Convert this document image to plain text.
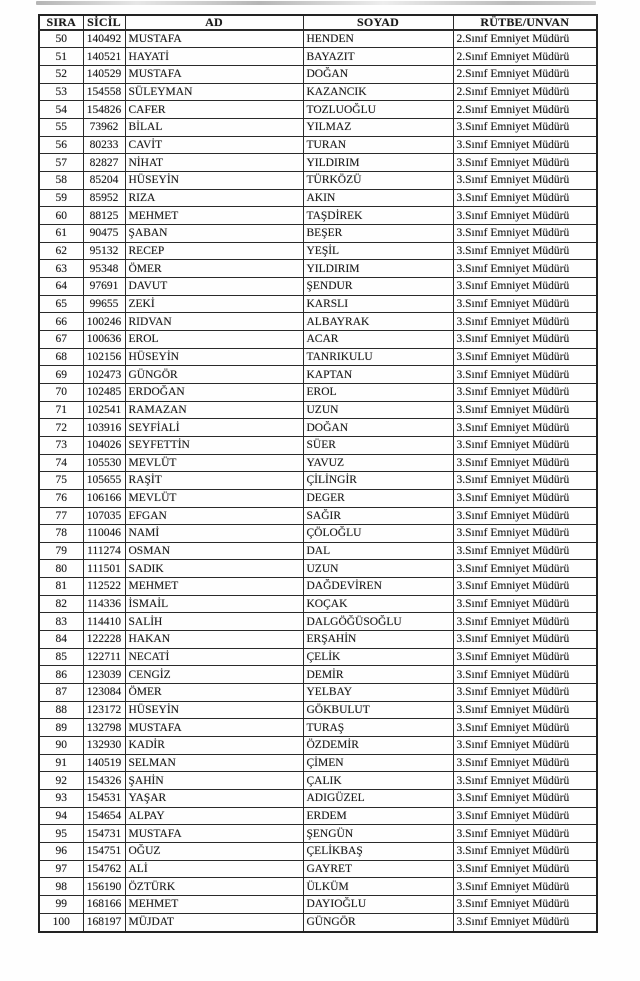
SIRA	SİCİL	AD	SOYAD	RÜTBE/UNVAN
50	140492	MUSTAFA	HENDEN	2.Sınıf Emniyet Müdürü
51	140521	HAYATİ	BAYAZIT	2.Sınıf Emniyet Müdürü
52	140529	MUSTAFA	DOĞAN	2.Sınıf Emniyet Müdürü
53	154558	SÜLEYMAN	KAZANCIK	2.Sınıf Emniyet Müdürü
54	154826	CAFER	TOZLUOĞLU	2.Sınıf Emniyet Müdürü
55	73962	BİLAL	YILMAZ	3.Sınıf Emniyet Müdürü
56	80233	CAVİT	TURAN	3.Sınıf Emniyet Müdürü
57	82827	NİHAT	YILDIRIM	3.Sınıf Emniyet Müdürü
58	85204	HÜSEYİN	TÜRKÖZÜ	3.Sınıf Emniyet Müdürü
59	85952	RIZA	AKIN	3.Sınıf Emniyet Müdürü
60	88125	MEHMET	TAŞDİREK	3.Sınıf Emniyet Müdürü
61	90475	ŞABAN	BEŞER	3.Sınıf Emniyet Müdürü
62	95132	RECEP	YEŞİL	3.Sınıf Emniyet Müdürü
63	95348	ÖMER	YILDIRIM	3.Sınıf Emniyet Müdürü
64	97691	DAVUT	ŞENDUR	3.Sınıf Emniyet Müdürü
65	99655	ZEKİ	KARSLI	3.Sınıf Emniyet Müdürü
66	100246	RIDVAN	ALBAYRAK	3.Sınıf Emniyet Müdürü
67	100636	EROL	ACAR	3.Sınıf Emniyet Müdürü
68	102156	HÜSEYİN	TANRIKULU	3.Sınıf Emniyet Müdürü
69	102473	GÜNGÖR	KAPTAN	3.Sınıf Emniyet Müdürü
70	102485	ERDOĞAN	EROL	3.Sınıf Emniyet Müdürü
71	102541	RAMAZAN	UZUN	3.Sınıf Emniyet Müdürü
72	103916	SEYFİALİ	DOĞAN	3.Sınıf Emniyet Müdürü
73	104026	SEYFETTİN	SÜER	3.Sınıf Emniyet Müdürü
74	105530	MEVLÜT	YAVUZ	3.Sınıf Emniyet Müdürü
75	105655	RAŞİT	ÇİLİNGİR	3.Sınıf Emniyet Müdürü
76	106166	MEVLÜT	DEGER	3.Sınıf Emniyet Müdürü
77	107035	EFGAN	SAĞIR	3.Sınıf Emniyet Müdürü
78	110046	NAMİ	ÇÖLOĞLU	3.Sınıf Emniyet Müdürü
79	111274	OSMAN	DAL	3.Sınıf Emniyet Müdürü
80	111501	SADIK	UZUN	3.Sınıf Emniyet Müdürü
81	112522	MEHMET	DAĞDEVİREN	3.Sınıf Emniyet Müdürü
82	114336	İSMAİL	KOÇAK	3.Sınıf Emniyet Müdürü
83	114410	SALİH	DALGÖĞÜSOĞLU	3.Sınıf Emniyet Müdürü
84	122228	HAKAN	ERŞAHİN	3.Sınıf Emniyet Müdürü
85	122711	NECATİ	ÇELİK	3.Sınıf Emniyet Müdürü
86	123039	CENGİZ	DEMİR	3.Sınıf Emniyet Müdürü
87	123084	ÖMER	YELBAY	3.Sınıf Emniyet Müdürü
88	123172	HÜSEYİN	GÖKBULUT	3.Sınıf Emniyet Müdürü
89	132798	MUSTAFA	TURAŞ	3.Sınıf Emniyet Müdürü
90	132930	KADİR	ÖZDEMİR	3.Sınıf Emniyet Müdürü
91	140519	SELMAN	ÇİMEN	3.Sınıf Emniyet Müdürü
92	154326	ŞAHİN	ÇALIK	3.Sınıf Emniyet Müdürü
93	154531	YAŞAR	ADIGÜZEL	3.Sınıf Emniyet Müdürü
94	154654	ALPAY	ERDEM	3.Sınıf Emniyet Müdürü
95	154731	MUSTAFA	ŞENGÜN	3.Sınıf Emniyet Müdürü
96	154751	OĞUZ	ÇELİKBAŞ	3.Sınıf Emniyet Müdürü
97	154762	ALİ	GAYRET	3.Sınıf Emniyet Müdürü
98	156190	ÖZTÜRK	ÜLKÜM	3.Sınıf Emniyet Müdürü
99	168166	MEHMET	DAYIOĞLU	3.Sınıf Emniyet Müdürü
100	168197	MÜJDAT	GÜNGÖR	3.Sınıf Emniyet Müdürü
